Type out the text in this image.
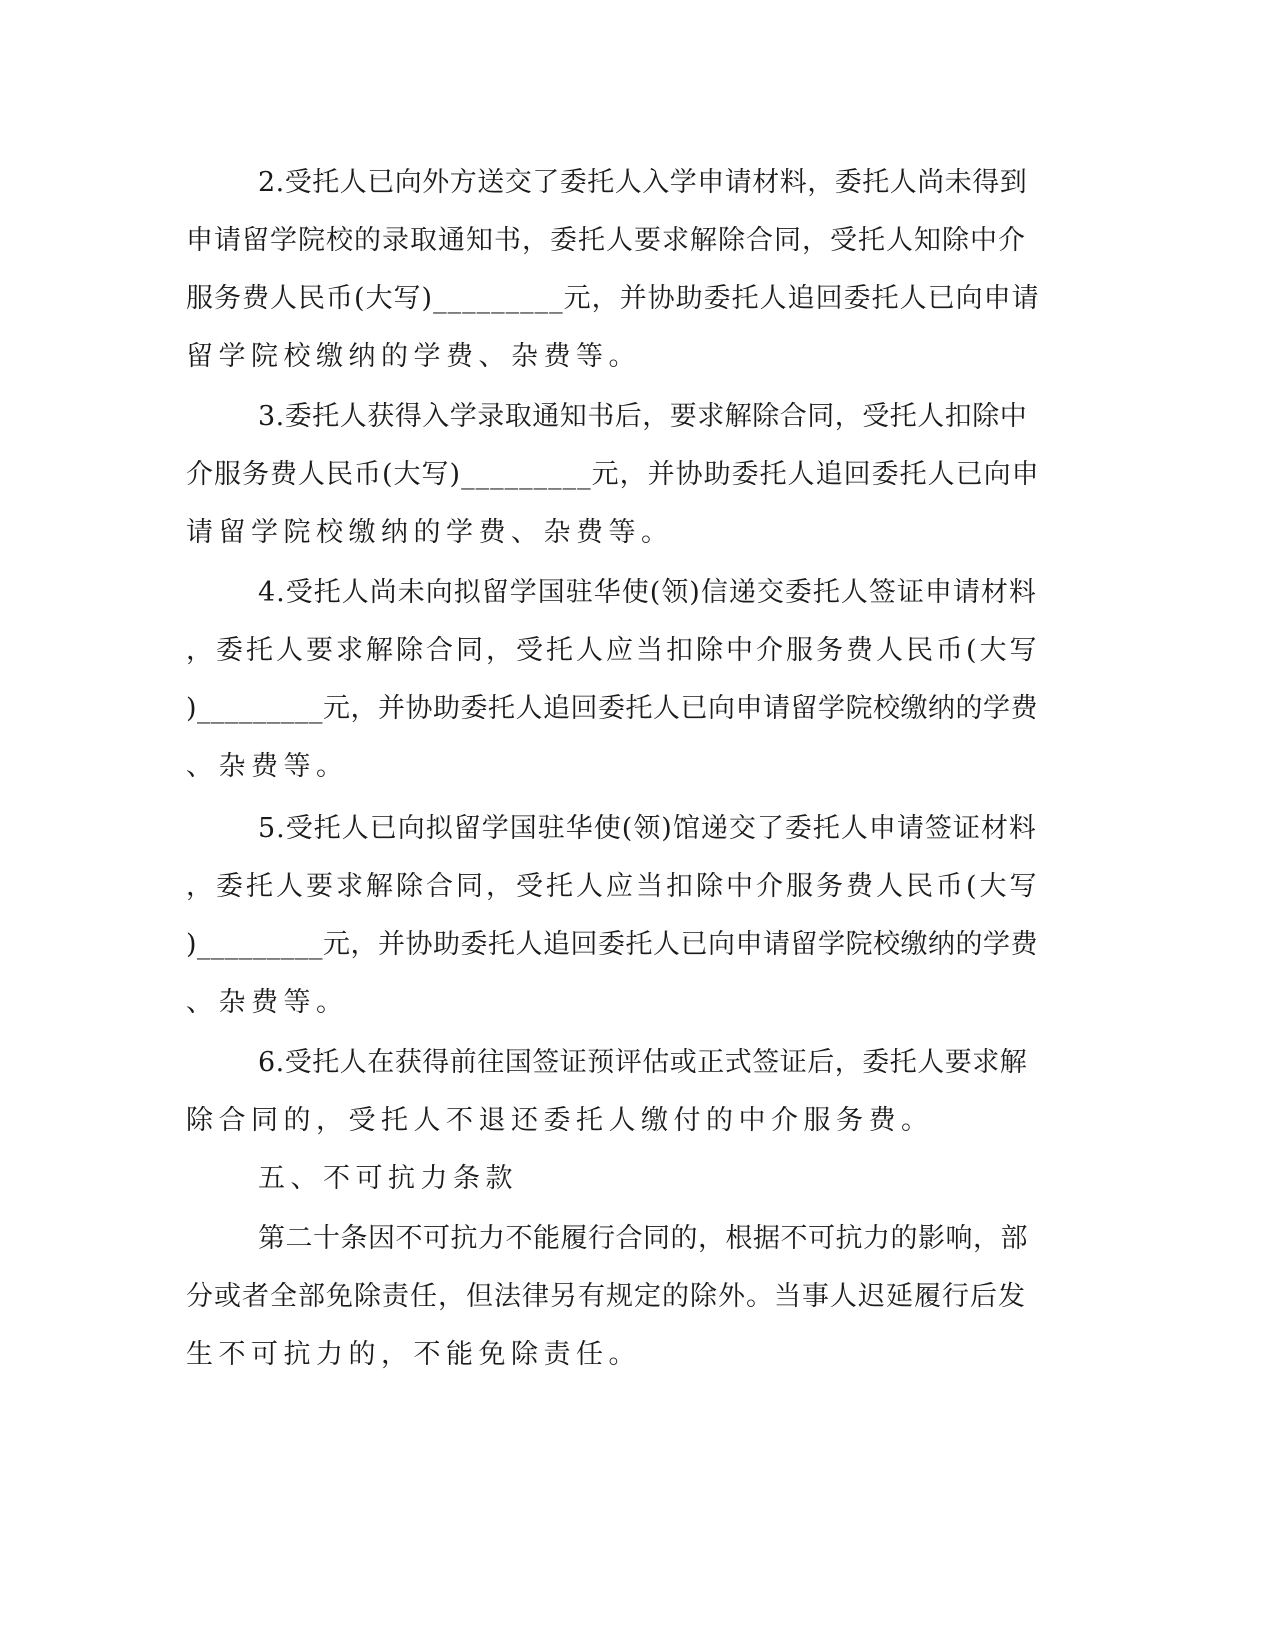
2.受托人已向外方送交了委托人入学申请材料，委托人尚未得到
申请留学院校的录取通知书，委托人要求解除合同，受托人知除中介
服务费人民币(大写)_________元，并协助委托人追回委托人已向申请
留学院校缴纳的学费、杂费等。
3.委托人获得入学录取通知书后，要求解除合同，受托人扣除中
介服务费人民币(大写)_________元，并协助委托人追回委托人已向申
请留学院校缴纳的学费、杂费等。
4.受托人尚未向拟留学国驻华使(领)信递交委托人签证申请材料
，委托人要求解除合同，受托人应当扣除中介服务费人民币(大写
)_________元，并协助委托人追回委托人已向申请留学院校缴纳的学费
、杂费等。
5.受托人已向拟留学国驻华使(领)馆递交了委托人申请签证材料
，委托人要求解除合同，受托人应当扣除中介服务费人民币(大写
)_________元，并协助委托人追回委托人已向申请留学院校缴纳的学费
、杂费等。
6.受托人在获得前往国签证预评估或正式签证后，委托人要求解
除合同的，受托人不退还委托人缴付的中介服务费。
五、不可抗力条款
第二十条因不可抗力不能履行合同的，根据不可抗力的影响，部
分或者全部免除责任，但法律另有规定的除外。当事人迟延履行后发
生不可抗力的，不能免除责任。
